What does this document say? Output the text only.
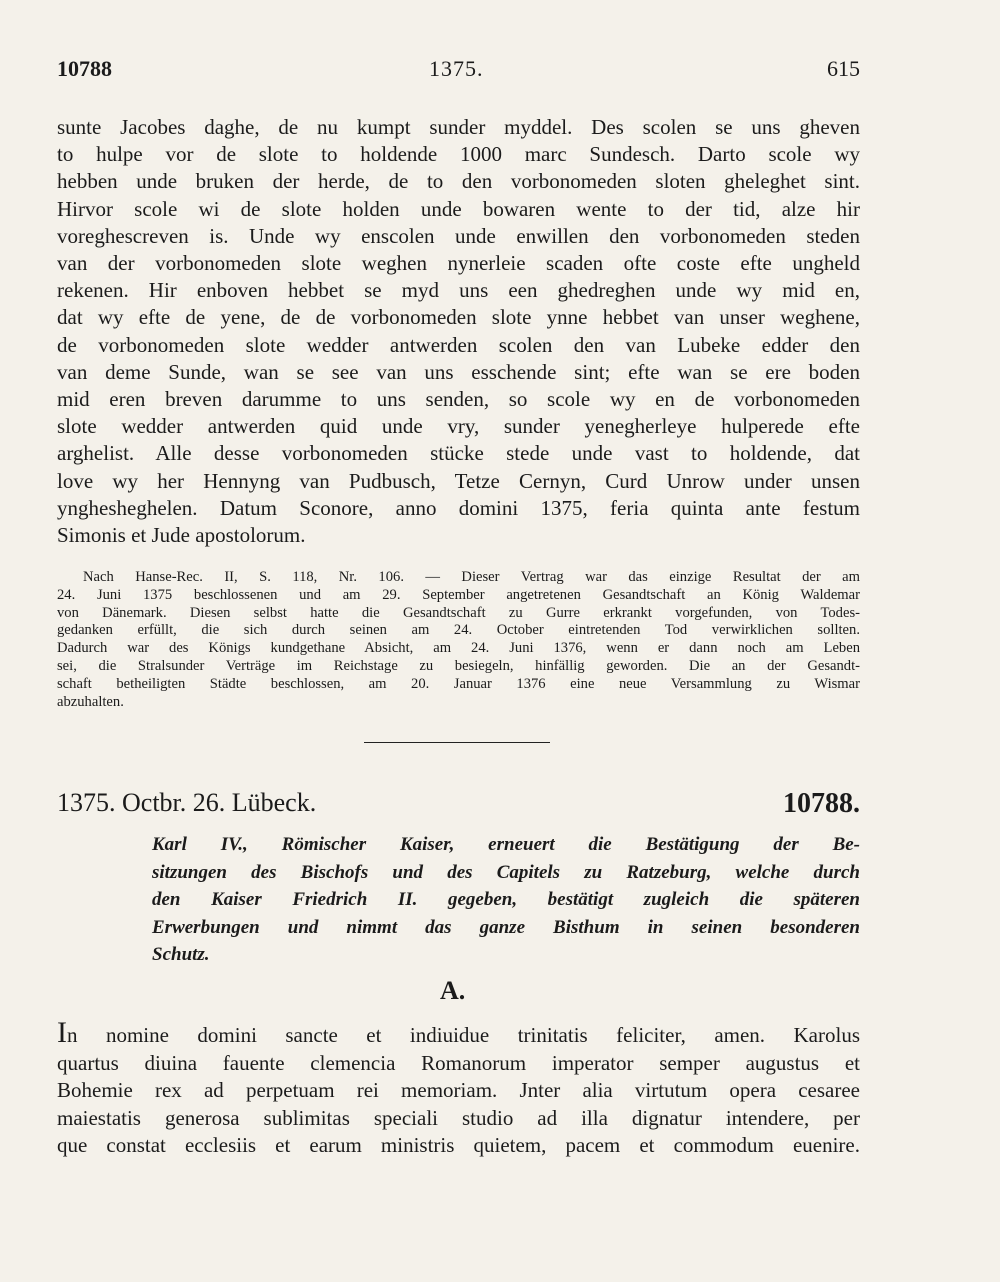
10788	1375.	615
sunte Jacobes daghe, de nu kumpt sunder myddel. Des scolen se uns gheven
to hulpe vor de slote to holdende 1000 marc Sundesch. Darto scole wy
hebben unde bruken der herde, de to den vorbonomeden sloten gheleghet sint.
Hirvor scole wi de slote holden unde bowaren wente to der tid, alze hir
voreghescreven is. Unde wy enscolen unde enwillen den vorbonomeden steden
van der vorbonomeden slote weghen nynerleie scaden ofte coste efte ungheld
rekenen. Hir enboven hebbet se myd uns een ghedreghen unde wy mid en,
dat wy efte de yene, de de vorbonomeden slote ynne hebbet van unser weghene,
de vorbonomeden slote wedder antwerden scolen den van Lubeke edder den
van deme Sunde, wan se see van uns esschende sint; efte wan se ere boden
mid eren breven darumme to uns senden, so scole wy en de vorbonomeden
slote wedder antwerden quid unde vry, sunder yenegherleye hulperede efte
arghelist. Alle desse vorbonomeden stücke stede unde vast to holdende, dat
love wy her Hennyng van Pudbusch, Tetze Cernyn, Curd Unrow under unsen
ynghesheghelen. Datum Sconore, anno domini 1375, feria quinta ante festum
Simonis et Jude apostolorum.
Nach Hanse-Rec. II, S. 118, Nr. 106. — Dieser Vertrag war das einzige Resultat der am
24. Juni 1375 beschlossenen und am 29. September angetretenen Gesandtschaft an König Waldemar
von Dänemark. Diesen selbst hatte die Gesandtschaft zu Gurre erkrankt vorgefunden, von Todes-
gedanken erfüllt, die sich durch seinen am 24. October eintretenden Tod verwirklichen sollten.
Dadurch war des Königs kundgethane Absicht, am 24. Juni 1376, wenn er dann noch am Leben
sei, die Stralsunder Verträge im Reichstage zu besiegeln, hinfällig geworden. Die an der Gesandt-
schaft betheiligten Städte beschlossen, am 20. Januar 1376 eine neue Versammlung zu Wismar
abzuhalten.
1375. Octbr. 26. Lübeck.	10788.
Karl IV., Römischer Kaiser, erneuert die Bestätigung der Be-
sitzungen des Bischofs und des Capitels zu Ratzeburg, welche durch
den Kaiser Friedrich II. gegeben, bestätigt zugleich die späteren
Erwerbungen und nimmt das ganze Bisthum in seinen besonderen
Schutz.
A.
In nomine domini sancte et indiuidue trinitatis feliciter, amen. Karolus
quartus diuina fauente clemencia Romanorum imperator semper augustus et
Bohemie rex ad perpetuam rei memoriam. Jnter alia virtutum opera cesaree
maiestatis generosa sublimitas speciali studio ad illa dignatur intendere, per
que constat ecclesiis et earum ministris quietem, pacem et commodum euenire.
